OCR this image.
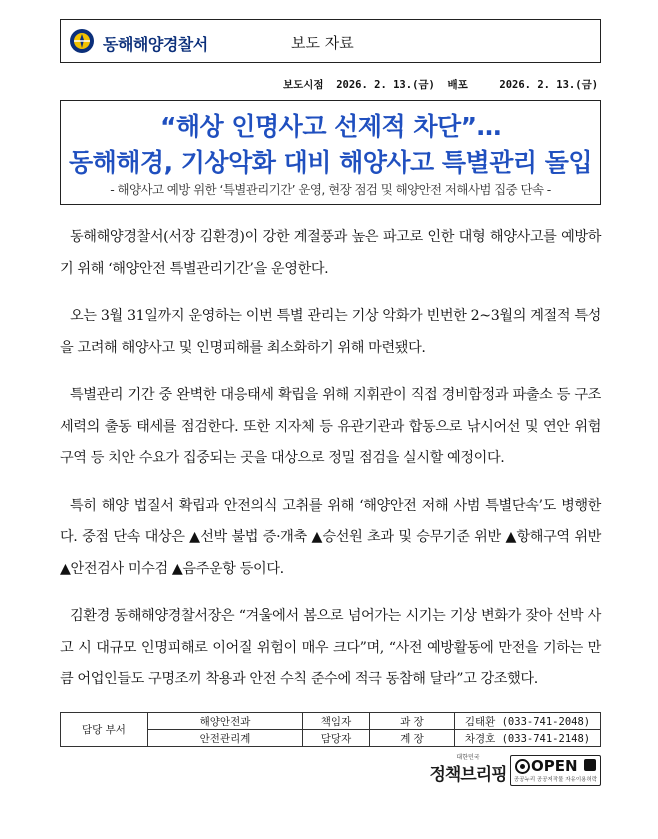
동해해양경찰서	보도 자료
보도시점  2026. 2. 13.(금)  배포     2026. 2. 13.(금)
“해상 인명사고 선제적 차단”…
동해해경, 기상악화 대비 해양사고 특별관리 돌입
- 해양사고 예방 위한 ‘특별관리기간’ 운영, 현장 점검 및 해양안전 저해사범 집중 단속 -

동해해양경찰서(서장 김환경)이 강한 계절풍과 높은 파고로 인한 대형 해양사고를 예방하기 위해 ‘해양안전 특별관리기간’을 운영한다.

오는 3월 31일까지 운영하는 이번 특별 관리는 기상 악화가 빈번한 2~3월의 계절적 특성을 고려해 해양사고 및 인명피해를 최소화하기 위해 마련됐다.

특별관리 기간 중 완벽한 대응태세 확립을 위해 지휘관이 직접 경비함정과 파출소 등 구조세력의 출동 태세를 점검한다. 또한 지자체 등 유관기관과 합동으로 낚시어선 및 연안 위험구역 등 치안 수요가 집중되는 곳을 대상으로 정밀 점검을 실시할 예정이다.

특히 해양 법질서 확립과 안전의식 고취를 위해 ‘해양안전 저해 사범 특별단속’도 병행한다. 중점 단속 대상은 ▲선박 불법 증·개축 ▲승선원 초과 및 승무기준 위반 ▲항해구역 위반 ▲안전검사 미수검 ▲음주운항 등이다.

김환경 동해해양경찰서장은 “겨울에서 봄으로 넘어가는 시기는 기상 변화가 잦아 선박 사고 시 대규모 인명피해로 이어질 위험이 매우 크다”며, “사전 예방활동에 만전을 기하는 만큼 어업인들도 구명조끼 착용과 안전 수칙 준수에 적극 동참해 달라”고 강조했다.

담당 부서	해양안전과	책임자	과 장	김태환 (033-741-2048)
	안전관리계	담당자	계 장	차경호 (033-741-2148)
대한민국
정책브리핑 OPEN
공공누리 공공저작물 자유이용허락
